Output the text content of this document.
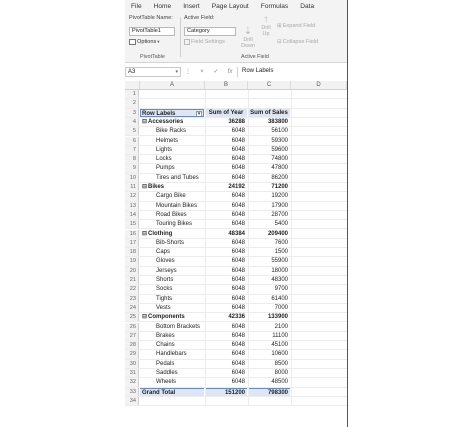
File	Home	Insert	Page Layout	Formulas	Data
PivotTable Name:
PivotTable1
Options ▾
PivotTable
Active Field:
Category
Field Settings
⇣
Drill Down
↑
Drill Up
⊞ Expand Field
⊟ Collapse Field
Active Field
A3	▾	⋮	×	✓	fx	Row Labels
A	B	C	D
1
2
3	Row Labels	▾	Sum of Year	Sum of Sales
4	⊟Accessories	36288	383800
5	Bike Racks	6048	56100
6	Helmets	6048	59300
7	Lights	6048	59600
8	Locks	6048	74800
9	Pumps	6048	47800
10	Tires and Tubes	6048	86200
11	⊟Bikes	24192	71200
12	Cargo Bike	6048	19200
13	Mountain Bikes	6048	17900
14	Road Bikes	6048	28700
15	Touring Bikes	6048	5400
16	⊟Clothing	48384	209400
17	Bib-Shorts	6048	7600
18	Caps	6048	1500
19	Gloves	6048	55900
20	Jerseys	6048	18000
21	Shorts	6048	48300
22	Socks	6048	9700
23	Tights	6048	61400
24	Vests	6048	7000
25	⊟Components	42336	133900
26	Bottom Brackets	6048	2100
27	Brakes	6048	11100
28	Chains	6048	45100
29	Handlebars	6048	10600
30	Pedals	6048	8500
31	Saddles	6048	8000
32	Wheels	6048	48500
33	Grand Total	151200	798300
34
